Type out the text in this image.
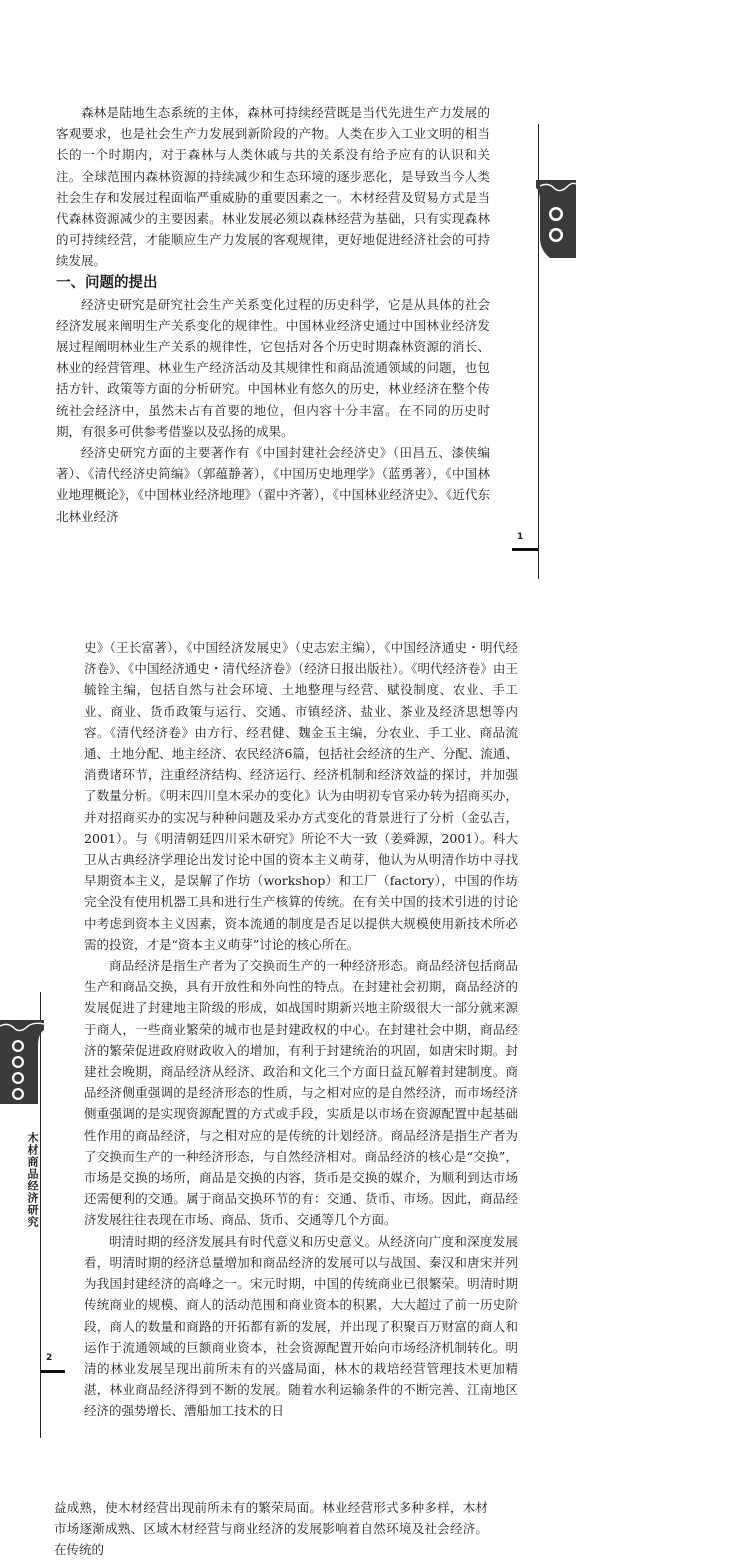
森林是陆地生态系统的主体，森林可持续经营既是当代先进生产力发展的客观要求，也是社会生产力发展到新阶段的产物。人类在步入工业文明的相当长的一个时期内，对于森林与人类休戚与共的关系没有给予应有的认识和关注。全球范围内森林资源的持续减少和生态环境的逐步恶化，是导致当今人类社会生存和发展过程面临严重威胁的重要因素之一。木材经营及贸易方式是当代森林资源减少的主要因素。林业发展必须以森林经营为基础，只有实现森林的可持续经营，才能顺应生产力发展的客观规律，更好地促进经济社会的可持续发展。

一、问题的提出

经济史研究是研究社会生产关系变化过程的历史科学，它是从具体的社会经济发展来阐明生产关系变化的规律性。中国林业经济史通过中国林业经济发展过程阐明林业生产关系的规律性，它包括对各个历史时期森林资源的消长、林业的经营管理、林业生产经济活动及其规律性和商品流通领域的问题，也包括方针、政策等方面的分析研究。中国林业有悠久的历史，林业经济在整个传统社会经济中，虽然未占有首要的地位，但内容十分丰富。在不同的历史时期，有很多可供参考借鉴以及弘扬的成果。

经济史研究方面的主要著作有《中国封建社会经济史》（田昌五、漆侠编著）、《清代经济史简编》（郭蕴静著），《中国历史地理学》（蓝勇著），《中国林业地理概论》，《中国林业经济地理》（翟中齐著），《中国林业经济史》、《近代东北林业经济

1

史》（王长富著），《中国经济发展史》（史志宏主编），《中国经济通史・明代经济卷》、《中国经济通史・清代经济卷》（经济日报出版社）。《明代经济卷》由王毓铨主编，包括自然与社会环境、土地整理与经营、赋役制度、农业、手工业、商业、货币政策与运行、交通、市镇经济、盐业、茶业及经济思想等内容。《清代经济卷》由方行、经君健、魏金玉主编，分农业、手工业、商品流通、土地分配、地主经济、农民经济6篇，包括社会经济的生产、分配、流通、消费诸环节，注重经济结构、经济运行、经济机制和经济效益的探讨，并加强了数量分析。《明末四川皇木采办的变化》认为由明初专官采办转为招商买办，并对招商买办的实况与种种问题及采办方式变化的背景进行了分析（金弘吉，2001）。与《明清朝廷四川采木研究》所论不大一致（姜舜源，2001）。科大卫从古典经济学理论出发讨论中国的资本主义萌芽，他认为从明清作坊中寻找早期资本主义，是误解了作坊（workshop）和工厂（factory），中国的作坊完全没有使用机器工具和进行生产核算的传统。在有关中国的技术引进的讨论中考虑到资本主义因素，资本流通的制度是否足以提供大规模使用新技术所必需的投资，才是“资本主义萌芽”讨论的核心所在。

商品经济是指生产者为了交换而生产的一种经济形态。商品经济包括商品生产和商品交换，具有开放性和外向性的特点。在封建社会初期，商品经济的发展促进了封建地主阶级的形成，如战国时期新兴地主阶级很大一部分就来源于商人，一些商业繁荣的城市也是封建政权的中心。在封建社会中期，商品经济的繁荣促进政府财政收入的增加，有利于封建统治的巩固，如唐宋时期。封建社会晚期，商品经济从经济、政治和文化三个方面日益瓦解着封建制度。商品经济侧重强调的是经济形态的性质，与之相对应的是自然经济，而市场经济侧重强调的是实现资源配置的方式或手段，实质是以市场在资源配置中起基础性作用的商品经济，与之相对应的是传统的计划经济。商品经济是指生产者为了交换而生产的一种经济形态，与自然经济相对。商品经济的核心是“交换”，市场是交换的场所，商品是交换的内容，货币是交换的媒介，为顺利到达市场还需便利的交通。属于商品交换环节的有：交通、货币、市场。因此，商品经济发展往往表现在市场、商品、货币、交通等几个方面。

明清时期的经济发展具有时代意义和历史意义。从经济向广度和深度发展看，明清时期的经济总量增加和商品经济的发展可以与战国、秦汉和唐宋并列为我国封建经济的高峰之一。宋元时期，中国的传统商业已很繁荣。明清时期传统商业的规模、商人的活动范围和商业资本的积累，大大超过了前一历史阶段，商人的数量和商路的开拓都有新的发展，并出现了积聚百万财富的商人和运作于流通领域的巨额商业资本，社会资源配置开始向市场经济机制转化。明清的林业发展呈现出前所未有的兴盛局面，林木的栽培经营管理技术更加精湛，林业商品经济得到不断的发展。随着水利运输条件的不断完善、江南地区经济的强势增长、漕船加工技术的日

木材商品经济研究
2

益成熟，使木材经营出现前所未有的繁荣局面。林业经营形式多种多样，木材市场逐渐成熟、区域木材经营与商业经济的发展影响着自然环境及社会经济。在传统的
